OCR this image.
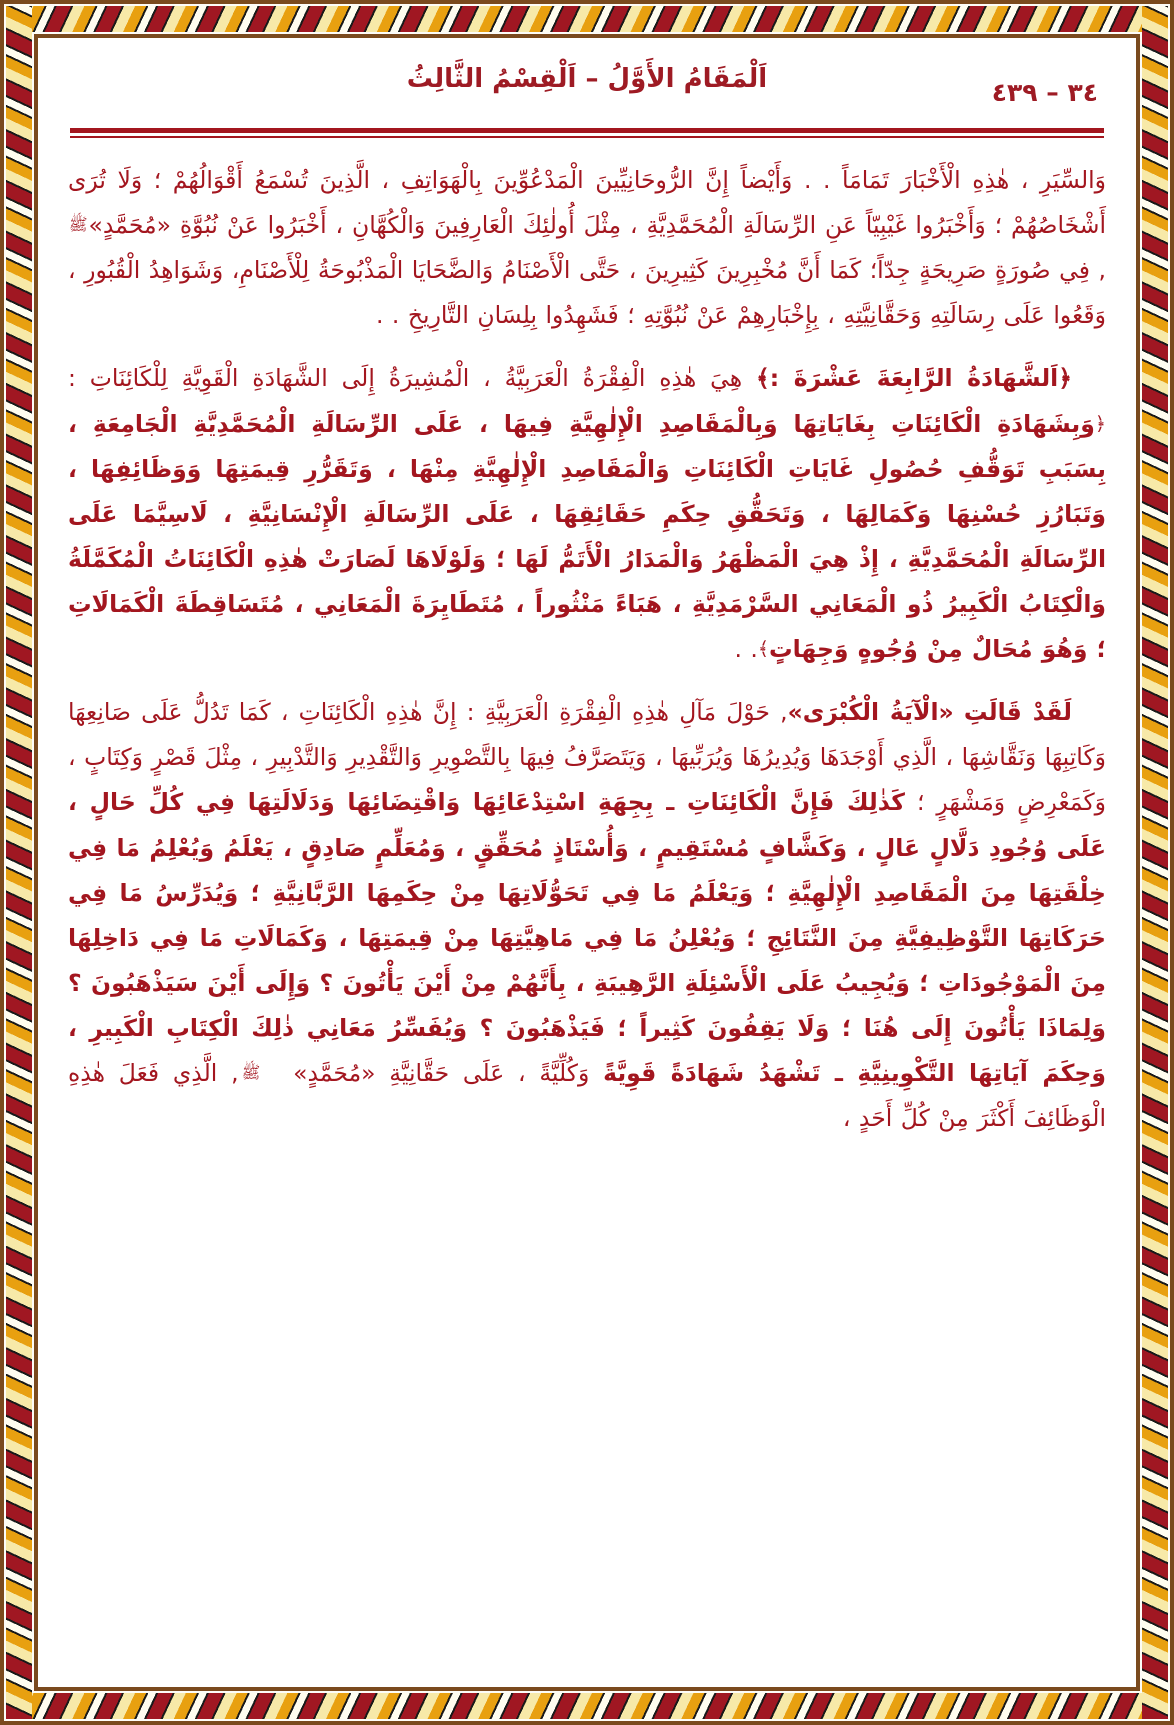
٣٤ – ٤٣٩
اَلْمَقَامُ الأَوَّلُ – اَلْقِسْمُ الثَّالِثُ

وَالسِّيَرِ ، هٰذِهِ الْأَخْبَارَ تَمَامَاً . . وَأَيْضاً إِنَّ الرُّوحَانِيِّينَ الْمَدْعُوِّينَ بِالْهَوَاتِفِ ، الَّذِينَ تُسْمَعُ أَقْوَالُهُمْ ؛ وَلَا تُرَى أَشْخَاصُهُمْ ؛ وَأَخْبَرُوا غَيْبِيّاً عَنِ الرِّسَالَةِ الْمُحَمَّدِيَّةِ ، مِثْلَ أُولٰئِكَ الْعَارِفِينَ وَالْكُهَّانِ ، أَخْبَرُوا عَنْ نُبُوَّةِ «مُحَمَّدٍ»ﷺ, فِي صُورَةٍ صَرِيحَةٍ جِدّاً؛ كَمَا أَنَّ مُخْبِرِينَ كَثِيرِينَ ، حَتَّى الْأَصْنَامُ وَالضَّحَايَا الْمَذْبُوحَةُ لِلْأَصْنَامِ، وَشَوَاهِدُ الْقُبُورِ ، وَقَعُوا عَلَى رِسَالَتِهِ وَحَقَّانِيَّتِهِ ، بِإِخْبَارِهِمْ عَنْ نُبُوَّتِهِ ؛ فَشَهِدُوا بِلِسَانِ التَّارِيخِ . .

﴿اَلشَّهَادَةُ الرَّابِعَةَ عَشْرَةَ :﴾ هِيَ هٰذِهِ الْفِقْرَةُ الْعَرَبِيَّةُ ، الْمُشِيرَةُ إِلَى الشَّهَادَةِ الْقَوِيَّةِ لِلْكَائِنَاتِ : ﴿وَبِشَهَادَةِ الْكَائِنَاتِ بِغَايَاتِهَا وَبِالْمَقَاصِدِ الْإِلٰهِيَّةِ فِيهَا ، عَلَى الرِّسَالَةِ الْمُحَمَّدِيَّةِ الْجَامِعَةِ ، بِسَبَبِ تَوَقُّفِ حُصُولِ غَايَاتِ الْكَائِنَاتِ وَالْمَقَاصِدِ الْإِلٰهِيَّةِ مِنْهَا ، وَتَقَرُّرِ قِيمَتِهَا وَوَظَائِفِهَا ، وَتَبَارُزِ حُسْنِهَا وَكَمَالِهَا ، وَتَحَقُّقِ حِكَمِ حَقَائِقِهَا ، عَلَى الرِّسَالَةِ الْإِنْسَانِيَّةِ ، لَاسِيَّمَا عَلَى الرِّسَالَةِ الْمُحَمَّدِيَّةِ ، إِذْ هِيَ الْمَظْهَرُ وَالْمَدَارُ الْأَتَمُّ لَهَا ؛ وَلَوْلَاهَا لَصَارَتْ هٰذِهِ الْكَائِنَاتُ الْمُكَمَّلَةُ وَالْكِتَابُ الْكَبِيرُ ذُو الْمَعَانِي السَّرْمَدِيَّةِ ، هَبَاءً مَنْثُوراً ، مُتَطَايِرَةَ الْمَعَانِي ، مُتَسَاقِطَةَ الْكَمَالَاتِ ؛ وَهُوَ مُحَالٌ مِنْ وُجُوهٍ وَجِهَاتٍ﴾. .

لَقَدْ قَالَتِ «الْآيَةُ الْكُبْرَى», حَوْلَ مَآلِ هٰذِهِ الْفِقْرَةِ الْعَرَبِيَّةِ : إِنَّ هٰذِهِ الْكَائِنَاتِ ، كَمَا تَدُلُّ عَلَى صَانِعِهَا وَكَاتِبِهَا وَنَقَّاشِهَا ، الَّذِي أَوْجَدَهَا وَيُدِيرُهَا وَيُرَبِّيهَا ، وَيَتَصَرَّفُ فِيهَا بِالتَّصْوِيرِ وَالتَّقْدِيرِ وَالتَّدْبِيرِ ، مِثْلَ قَصْرٍ وَكِتَابٍ ، وَكَمَعْرِضٍ وَمَشْهَرٍ ؛ كَذٰلِكَ فَإِنَّ الْكَائِنَاتِ ـ بِجِهَةِ اسْتِدْعَائِهَا وَاقْتِضَائِهَا وَدَلَالَتِهَا فِي كُلِّ حَالٍ ، عَلَى وُجُودِ دَلَّالٍ عَالٍ ، وَكَشَّافٍ مُسْتَقِيمٍ ، وَأُسْتَاذٍ مُحَقِّقٍ ، وَمُعَلِّمٍ صَادِقٍ ، يَعْلَمُ وَيُعْلِمُ مَا فِي خِلْقَتِهَا مِنَ الْمَقَاصِدِ الْإِلٰهِيَّةِ ؛ وَيَعْلَمُ مَا فِي تَحَوُّلَاتِهَا مِنْ حِكَمِهَا الرَّبَّانِيَّةِ ؛ وَيُدَرِّسُ مَا فِي حَرَكَاتِهَا التَّوْظِيفِيَّةِ مِنَ النَّتَائِجِ ؛ وَيُعْلِنُ مَا فِي مَاهِيَّتِهَا مِنْ قِيمَتِهَا ، وَكَمَالَاتِ مَا فِي دَاخِلِهَا مِنَ الْمَوْجُودَاتِ ؛ وَيُجِيبُ عَلَى الْأَسْئِلَةِ الرَّهِيبَةِ ، بِأَنَّهُمْ مِنْ أَيْنَ يَأْتُونَ ؟ وَإِلَى أَيْنَ سَيَذْهَبُونَ ؟ وَلِمَاذَا يَأْتُونَ إِلَى هُنَا ؛ وَلَا يَقِفُونَ كَثِيراً ؛ فَيَذْهَبُونَ ؟ وَيُفَسِّرُ مَعَانِي ذٰلِكَ الْكِتَابِ الْكَبِيرِ ، وَحِكَمَ آيَاتِهَا التَّكْوِينِيَّةِ ـ تَشْهَدُ شَهَادَةً قَوِيَّةً وَكُلِّيَّةً ، عَلَى حَقَّانِيَّةِ «مُحَمَّدٍ»ﷺ, الَّذِي فَعَلَ هٰذِهِ الْوَظَائِفَ أَكْثَرَ مِنْ كُلِّ أَحَدٍ ،
